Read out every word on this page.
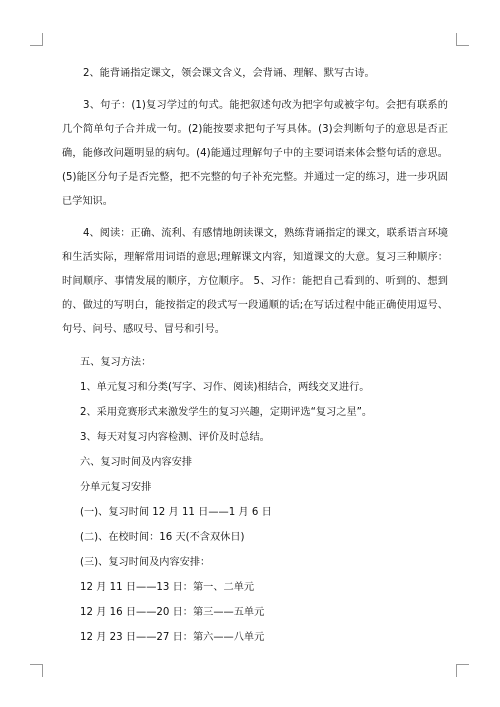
2、能背诵指定课文，领会课文含义，会背诵、理解、默写古诗。

3、句子：(1)复习学过的句式。能把叙述句改为把字句或被字句。会把有联系的几个简单句子合并成一句。(2)能按要求把句子写具体。(3)会判断句子的意思是否正确，能修改问题明显的病句。(4)能通过理解句子中的主要词语来体会整句话的意思。(5)能区分句子是否完整，把不完整的句子补充完整。并通过一定的练习，进一步巩固已学知识。

4、阅读：正确、流利、有感情地朗读课文，熟练背诵指定的课文，联系语言环境和生活实际，理解常用词语的意思;理解课文内容，知道课文的大意。复习三种顺序：时间顺序、事情发展的顺序，方位顺序。 5、习作：能把自己看到的、听到的、想到的、做过的写明白，能按指定的段式写一段通顺的话;在写话过程中能正确使用逗号、句号、问号、感叹号、冒号和引号。

五、复习方法：

1、单元复习和分类(写字、习作、阅读)相结合，两线交叉进行。

2、采用竞赛形式来激发学生的复习兴趣，定期评选“复习之星”。

3、每天对复习内容检测、评价及时总结。

六、复习时间及内容安排

分单元复习安排

(一)、复习时间 12 月 11 日——1 月 6 日

(二)、在校时间：16 天(不含双休日)

(三)、复习时间及内容安排：

12 月 11 日——13 日：第一、二单元

12 月 16 日——20 日：第三——五单元

12 月 23 日——27 日：第六——八单元
